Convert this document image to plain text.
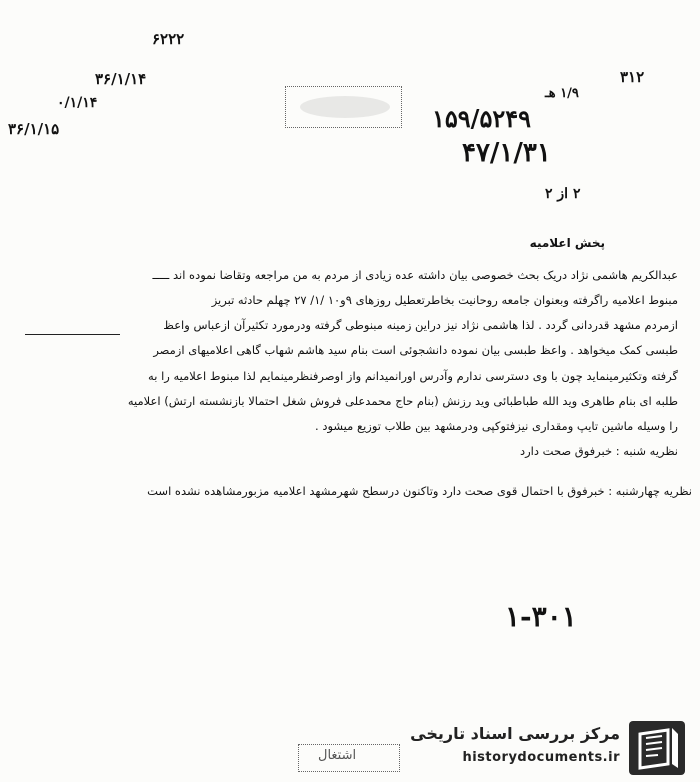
۶۲۲۲
۳۶/۱/۱۴
۰/۱/۱۴
۳۶/۱/۱۵
۳۱۲
۱/۹ هـ
۱۵۹/۵۲۴۹
۴۷/۱/۳۱
۲ از ۲
پخش اعلامیه
عبدالکریم هاشمی نژاد دریک بحث خصوصی بیان داشته عده زیادی از مردم به من مراجعه وتقاضا نموده اند ـــــ
مبنوط اعلامیه راگرفته وبعنوان جامعه روحانیت بخاطرتعطیل روزهای ۹و۱۰ /۱/ ۲۷ چهلم حادثه تبریز
ازمردم مشهد قدردانی گردد . لذا هاشمی نژاد نیز دراین زمینه مبنوطی گرفته ودرمورد تکثیرآن ازعباس واعظ
طبسی کمک میخواهد . واعظ طبسی بیان نموده دانشجوئی است بنام سید هاشم شهاب گاهی اعلامیهای ازمصر
گرفته وتکثیرمینماید چون با وی دسترسی ندارم وآدرس اورانمیدانم واز اوصرفنظرمینمایم لذا مبنوط اعلامیه را به
طلبه ای بنام طاهری وید الله طباطبائی وید رزنش (بنام حاج محمدعلی فروش شغل احتمالا بازنشسته ارتش) اعلامیه
را وسیله ماشین تایپ ومقداری نیزفتوکپی ودرمشهد بین طلاب توزیع میشود .
نظریه شنبه : خبرفوق صحت دارد
نظریه چهارشنبه : خبرفوق با احتمال قوی صحت دارد وتاکنون درسطح شهرمشهد اعلامیه مزبورمشاهده نشده است
۱-۳۰۱
اشتغال
مرکز بررسی اسناد تاریخی
historydocuments.ir
